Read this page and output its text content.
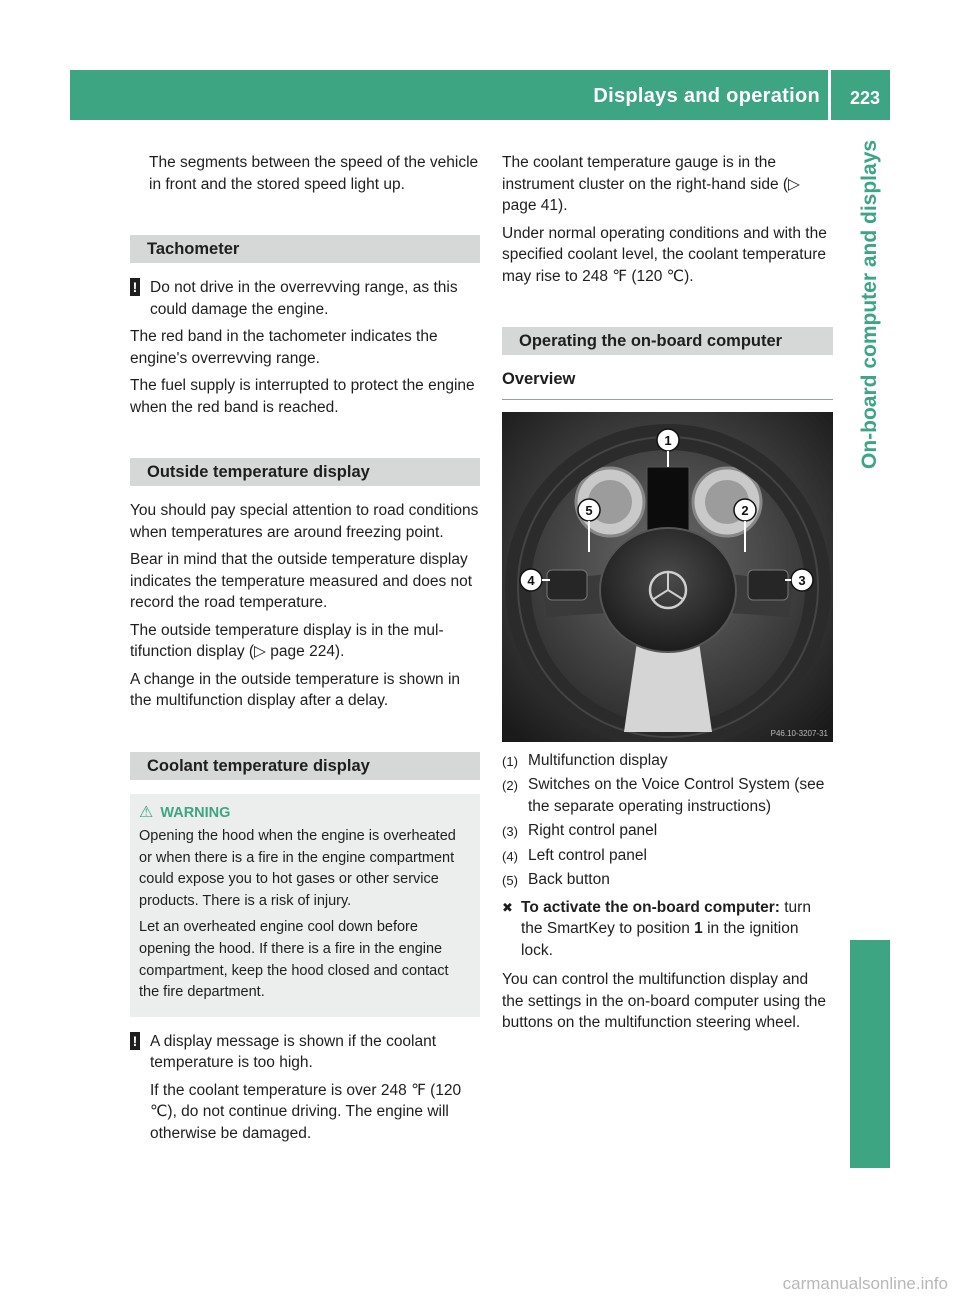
Displays and operation 223
On-board computer and displays

The segments between the speed of the vehicle in front and the stored speed light up.

Tachometer
! Do not drive in the overrevving range, as this could damage the engine.

The red band in the tachometer indicates the engine's overrevving range.

The fuel supply is interrupted to protect the engine when the red band is reached.

Outside temperature display

You should pay special attention to road conditions when temperatures are around freezing point.

Bear in mind that the outside temperature display indicates the temperature measured and does not record the road temperature.

The outside temperature display is in the multifunction display (▷ page 224).

A change in the outside temperature is shown in the multifunction display after a delay.

Coolant temperature display
⚠ WARNING

Opening the hood when the engine is overheated or when there is a fire in the engine compartment could expose you to hot gases or other service products. There is a risk of injury.

Let an overheated engine cool down before opening the hood. If there is a fire in the engine compartment, keep the hood closed and contact the fire department.

! A display message is shown if the coolant temperature is too high.

If the coolant temperature is over 248 ℉ (120 ℃), do not continue driving. The engine will otherwise be damaged.

The coolant temperature gauge is in the instrument cluster on the right-hand side (▷ page 41).

Under normal operating conditions and with the specified coolant level, the coolant temperature may rise to 248 ℉ (120 ℃).

Operating the on-board computer
Overview
1
5	2
4	3
P46.10-3207-31
(1) Multifunction display
(2) Switches on the Voice Control System (see the separate operating instructions)
(3) Right control panel
(4) Left control panel
(5) Back button
✖ To activate the on-board computer: turn the SmartKey to position 1 in the ignition lock.

You can control the multifunction display and the settings in the on-board computer using the buttons on the multifunction steering wheel.

carmanualsonline.info
